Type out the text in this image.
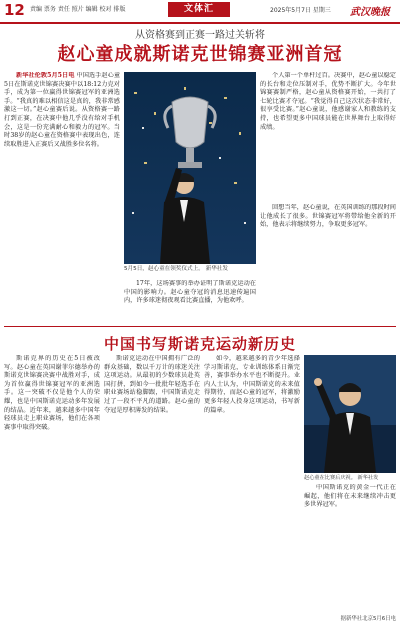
12 责编 票务 责任 照片 编辑 校对 排版	文体汇	2025年5月7日 星期三 武汉晚报
从资格赛到正赛一路过关斩将
赵心童成就斯诺克世锦赛亚洲首冠

新华社伦敦5月5日电 中国选手赵心童5日在斯诺克世锦赛决赛中以18:12力克对手，成为第一位赢得世锦赛冠军的亚洲选手。“我真的难以相信这是真的，我非常感激这一切。”赵心童赛后说。从资格赛一路打到正赛，在决赛中他几乎没有给对手机会，这是一份充满耐心和毅力的冠军。当时38岁的赵心童在资格赛中表现出色，连续取胜进入正赛后又战胜多位名将。

5月5日，赵心童在领奖仪式上。 新华社发

17年，这场赛事的举办证明了斯诺克运动在中国的影响力。赵心童夺冠的消息迅速传遍国内，许多球迷彻夜观看比赛直播，为他欢呼。

个人第一个单杆过百。决赛中，赵心童以稳定的长台和走位压制对手，优势不断扩大。今年世锦赛赛制严格，赵心童从资格赛开始，一共打了七轮比赛才夺冠。“我觉得自己这次状态非常好，很享受比赛。”赵心童说，他感谢家人和教练的支持，也希望更多中国球员能在世界舞台上取得好成绩。

回想当年，赵心童说，在英国训练的那段时间让他成长了很多。世锦赛冠军将带给他全新的开始，他表示将继续努力，争取更多冠军。

中国书写斯诺克运动新历史

斯诺克界的历史在5日被改写。赵心童在英国谢菲尔德举办的斯诺克世锦赛决赛中战胜对手，成为首位赢得世锦赛冠军的亚洲选手。这一突破不仅是他个人的荣耀，也是中国斯诺克运动多年发展的结晶。近年来，越来越多中国年轻球员走上职业赛场，他们在各项赛事中取得突破。

斯诺克运动在中国拥有广泛的群众基础，数以千万计的球迷关注这项运动。从最初的少数球员赴英国打拼，到如今一批批年轻选手在职业赛场站稳脚跟，中国斯诺克走过了一段不平凡的道路。赵心童的夺冠是厚积薄发的结果。

如今，越来越多的青少年选择学习斯诺克，专业训练体系日渐完善，赛事举办水平也不断提升。业内人士认为，中国斯诺克的未来值得期待，而赵心童的冠军，将激励更多年轻人投身这项运动，书写新的篇章。

赵心童在比赛后庆祝。 新华社发

中国斯诺克的黄金一代正在崛起，他们将在未来继续冲击更多世界冠军。

据新华社北京5月6日电
